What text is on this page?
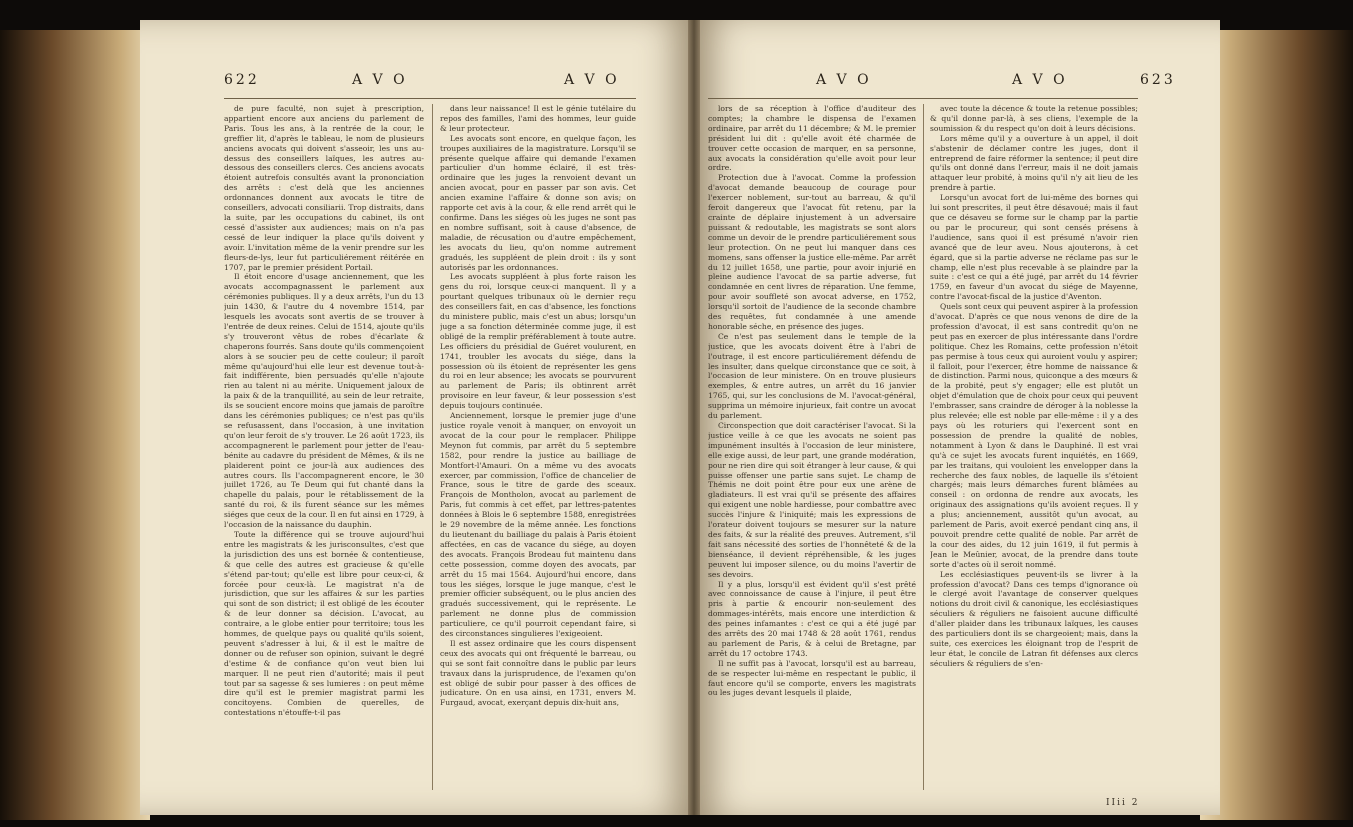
622	A V O	A V O

de pure faculté, non sujet à prescription, appartient encore aux anciens du parlement de Paris. Tous les ans, à la rentrée de la cour, le greffier lit, d'après le tableau, le nom de plusieurs anciens avocats qui doivent s'asseoir, les uns au-dessus des conseillers laïques, les autres au-dessous des conseillers clercs. Ces anciens avocats étoient autrefois consultés avant la prononciation des arrêts : c'est delà que les anciennes ordonnances donnent aux avocats le titre de conseillers, advocati consiliarii. Trop distraits, dans la suite, par les occupations du cabinet, ils ont cessé d'assister aux audiences; mais on n'a pas cessé de leur indiquer la place qu'ils doivent y avoir. L'invitation même de la venir prendre sur les fleurs-de-lys, leur fut particuliérement réitérée en 1707, par le premier président Portail.

Il étoit encore d'usage anciennement, que les avocats accompagnassent le parlement aux cérémonies publiques. Il y a deux arrêts, l'un du 13 juin 1430, & l'autre du 4 novembre 1514, par lesquels les avocats sont avertis de se trouver à l'entrée de deux reines. Celui de 1514, ajoute qu'ils s'y trouveront vêtus de robes d'écarlate & chaperons fourrés. Sans doute qu'ils commençoient alors à se soucier peu de cette couleur; il paroît même qu'aujourd'hui elle leur est devenue tout-à-fait indifférente, bien persuadés qu'elle n'ajoute rien au talent ni au mérite. Uniquement jaloux de la paix & de la tranquillité, au sein de leur retraite, ils se soucient encore moins que jamais de paroître dans les cérémonies publiques; ce n'est pas qu'ils se refusassent, dans l'occasion, à une invitation qu'on leur feroit de s'y trouver. Le 26 août 1723, ils accompagnerent le parlement pour jetter de l'eau-bénite au cadavre du président de Mêmes, & ils ne plaiderent point ce jour-là aux audiences des autres cours. Ils l'accompagnerent encore, le 30 juillet 1726, au Te Deum qui fut chanté dans la chapelle du palais, pour le rétablissement de la santé du roi, & ils furent séance sur les mêmes siéges que ceux de la cour. Il en fut ainsi en 1729, à l'occasion de la naissance du dauphin.

Toute la différence qui se trouve aujourd'hui entre les magistrats & les jurisconsultes, c'est que la jurisdiction des uns est bornée & contentieuse, & que celle des autres est gracieuse & qu'elle s'étend par-tout; qu'elle est libre pour ceux-ci, & forcée pour ceux-là. Le magistrat n'a de jurisdiction, que sur les affaires & sur les parties qui sont de son district; il est obligé de les écouter & de leur donner sa décision. L'avocat, au contraire, a le globe entier pour territoire; tous les hommes, de quelque pays ou qualité qu'ils soient, peuvent s'adresser à lui, & il est le maître de donner ou de refuser son opinion, suivant le degré d'estime & de confiance qu'on veut bien lui marquer. Il ne peut rien d'autorité; mais il peut tout par sa sagesse & ses lumieres : on peut même dire qu'il est le premier magistrat parmi les concitoyens. Combien de querelles, de contestations n'étouffe-t-il pas

dans leur naissance! Il est le génie tutélaire du repos des familles, l'ami des hommes, leur guide & leur protecteur.

Les avocats sont encore, en quelque façon, les troupes auxiliaires de la magistrature. Lorsqu'il se présente quelque affaire qui demande l'examen particulier d'un homme éclairé, il est très-ordinaire que les juges la renvoient devant un ancien avocat, pour en passer par son avis. Cet ancien examine l'affaire & donne son avis; on rapporte cet avis à la cour, & elle rend arrêt qui le confirme. Dans les siéges où les juges ne sont pas en nombre suffisant, soit à cause d'absence, de maladie, de récusation ou d'autre empêchement, les avocats du lieu, qu'on nomme autrement gradués, les suppléent de plein droit : ils y sont autorisés par les ordonnances.

Les avocats suppléent à plus forte raison les gens du roi, lorsque ceux-ci manquent. Il y a pourtant quelques tribunaux où le dernier reçu des conseillers fait, en cas d'absence, les fonctions du ministere public, mais c'est un abus; lorsqu'un juge a sa fonction déterminée comme juge, il est obligé de la remplir préférablement à toute autre. Les officiers du présidial de Guéret voulurent, en 1741, troubler les avocats du siége, dans la possession où ils étoient de représenter les gens du roi en leur absence; les avocats se pourvurent au parlement de Paris; ils obtinrent arrêt provisoire en leur faveur, & leur possession s'est depuis toujours continuée.

Anciennement, lorsque le premier juge d'une justice royale venoit à manquer, on envoyoit un avocat de la cour pour le remplacer. Philippe Meynon fut commis, par arrêt du 5 septembre 1582, pour rendre la justice au bailliage de Montfort-l'Amauri. On a même vu des avocats exercer, par commission, l'office de chancelier de France, sous le titre de garde des sceaux. François de Montholon, avocat au parlement de Paris, fut commis à cet effet, par lettres-patentes données à Blois le 6 septembre 1588, enregistrées le 29 novembre de la même année. Les fonctions du lieutenant du bailliage du palais à Paris étoient affectées, en cas de vacance du siége, au doyen des avocats. François Brodeau fut maintenu dans cette possession, comme doyen des avocats, par arrêt du 15 mai 1564. Aujourd'hui encore, dans tous les siéges, lorsque le juge manque, c'est le premier officier subséquent, ou le plus ancien des gradués successivement, qui le représente. Le parlement ne donne plus de commission particuliere, ce qu'il pourroit cependant faire, si des circonstances singulieres l'exigeoient.

Il est assez ordinaire que les cours dispensent ceux des avocats qui ont fréquenté le barreau, ou qui se sont fait connoître dans le public par leurs travaux dans la jurisprudence, de l'examen qu'on est obligé de subir pour passer à des offices de judicature. On en usa ainsi, en 1731, envers M. Furgaud, avocat, exerçant depuis dix-huit ans,

A V O	A V O	623

lors de sa réception à l'office d'auditeur des comptes; la chambre le dispensa de l'examen ordinaire, par arrêt du 11 décembre; & M. le premier président lui dit : qu'elle avoit été charmée de trouver cette occasion de marquer, en sa personne, aux avocats la considération qu'elle avoit pour leur ordre.

Protection due à l'avocat. Comme la profession d'avocat demande beaucoup de courage pour l'exercer noblement, sur-tout au barreau, & qu'il feroit dangereux que l'avocat fût retenu, par la crainte de déplaire injustement à un adversaire puissant & redoutable, les magistrats se sont alors comme un devoir de le prendre particuliérement sous leur protection. On ne peut lui manquer dans ces momens, sans offenser la justice elle-même. Par arrêt du 12 juillet 1658, une partie, pour avoir injurié en pleine audience l'avocat de sa partie adverse, fut condamnée en cent livres de réparation. Une femme, pour avoir souffleté son avocat adverse, en 1752, lorsqu'il sortoit de l'audience de la seconde chambre des requêtes, fut condamnée à une amende honorable séche, en présence des juges.

Ce n'est pas seulement dans le temple de la justice, que les avocats doivent être à l'abri de l'outrage, il est encore particuliérement défendu de les insulter, dans quelque circonstance que ce soit, à l'occasion de leur ministere. On en trouve plusieurs exemples, & entre autres, un arrêt du 16 janvier 1765, qui, sur les conclusions de M. l'avocat-général, supprima un mémoire injurieux, fait contre un avocat du parlement.

Circonspection que doit caractériser l'avocat. Si la justice veille à ce que les avocats ne soient pas impunément insultés à l'occasion de leur ministere, elle exige aussi, de leur part, une grande modération, pour ne rien dire qui soit étranger à leur cause, & qui puisse offenser une partie sans sujet. Le champ de Thémis ne doit point être pour eux une arène de gladiateurs. Il est vrai qu'il se présente des affaires qui exigent une noble hardiesse, pour combattre avec succès l'injure & l'iniquité; mais les expressions de l'orateur doivent toujours se mesurer sur la nature des faits, & sur la réalité des preuves. Autrement, s'il fait sans nécessité des sorties de l'honnêteté & de la bienséance, il devient répréhensible, & les juges peuvent lui imposer silence, ou du moins l'avertir de ses devoirs.

Il y a plus, lorsqu'il est évident qu'il s'est prêté avec connoissance de cause à l'injure, il peut être pris à partie & encourir non-seulement des dommages-intérêts, mais encore une interdiction & des peines infamantes : c'est ce qui a été jugé par des arrêts des 20 mai 1748 & 28 août 1761, rendus au parlement de Paris, & à celui de Bretagne, par arrêt du 17 octobre 1743.

Il ne suffit pas à l'avocat, lorsqu'il est au barreau, de se respecter lui-même en respectant le public, il faut encore qu'il se comporte, envers les magistrats ou les juges devant lesquels il plaide,

avec toute la décence & toute la retenue possibles; & qu'il donne par-là, à ses cliens, l'exemple de la soumission & du respect qu'on doit à leurs décisions.

Lors même qu'il y a ouverture à un appel, il doit s'abstenir de déclamer contre les juges, dont il entreprend de faire réformer la sentence; il peut dire qu'ils ont donné dans l'erreur, mais il ne doit jamais attaquer leur probité, à moins qu'il n'y ait lieu de les prendre à partie.

Lorsqu'un avocat fort de lui-même des bornes qui lui sont prescrites, il peut être désavoué; mais il faut que ce désaveu se forme sur le champ par la partie ou par le procureur, qui sont censés présens à l'audience, sans quoi il est présumé n'avoir rien avancé que de leur aveu. Nous ajouterons, à cet égard, que si la partie adverse ne réclame pas sur le champ, elle n'est plus recevable à se plaindre par la suite : c'est ce qui a été jugé, par arrêt du 14 février 1759, en faveur d'un avocat du siége de Mayenne, contre l'avocat-fiscal de la justice d'Aventon.

Quels sont ceux qui peuvent aspirer à la profession d'avocat. D'après ce que nous venons de dire de la profession d'avocat, il est sans contredit qu'on ne peut pas en exercer de plus intéressante dans l'ordre politique. Chez les Romains, cette profession n'étoit pas permise à tous ceux qui auroient voulu y aspirer; il falloit, pour l'exercer, être homme de naissance & de distinction. Parmi nous, quiconque a des mœurs & de la probité, peut s'y engager; elle est plutôt un objet d'émulation que de choix pour ceux qui peuvent l'embrasser, sans craindre de déroger à la noblesse la plus relevée; elle est noble par elle-même : il y a des pays où les roturiers qui l'exercent sont en possession de prendre la qualité de nobles, notamment à Lyon & dans le Dauphiné. Il est vrai qu'à ce sujet les avocats furent inquiétés, en 1669, par les traitans, qui vouloient les envelopper dans la recherche des faux nobles, de laquelle ils s'étoient chargés; mais leurs démarches furent blâmées au conseil : on ordonna de rendre aux avocats, les originaux des assignations qu'ils avoient reçues. Il y a plus; anciennement, aussitôt qu'un avocat, au parlement de Paris, avoit exercé pendant cinq ans, il pouvoit prendre cette qualité de noble. Par arrêt de la cour des aides, du 12 juin 1619, il fut permis à Jean le Meûnier, avocat, de la prendre dans toute sorte d'actes où il seroit nommé.

Les ecclésiastiques peuvent-ils se livrer à la profession d'avocat? Dans ces temps d'ignorance où le clergé avoit l'avantage de conserver quelques notions du droit civil & canonique, les ecclésiastiques séculiers & réguliers ne faisoient aucune difficulté d'aller plaider dans les tribunaux laïques, les causes des particuliers dont ils se chargeoient; mais, dans la suite, ces exercices les éloignant trop de l'esprit de leur état, le concile de Latran fit défenses aux clercs séculiers & réguliers de s'en-

IIii 2
